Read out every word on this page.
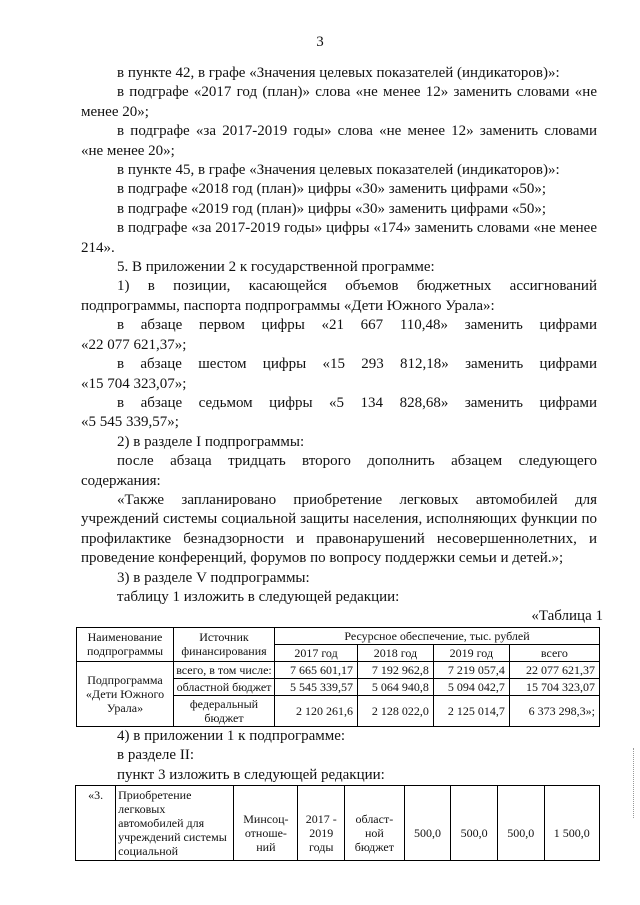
3

в пункте 42, в графе «Значения целевых показателей (индикаторов)»:

в подграфе «2017 год (план)» слова «не менее 12» заменить словами «не менее 20»;

в подграфе «за 2017-2019 годы» слова «не менее 12» заменить словами «не менее 20»;

в пункте 45, в графе «Значения целевых показателей (индикаторов)»:

в подграфе «2018 год (план)» цифры «30» заменить цифрами «50»;

в подграфе «2019 год (план)» цифры «30» заменить цифрами «50»;

в подграфе «за 2017-2019 годы» цифры «174» заменить словами «не менее 214».

5. В приложении 2 к государственной программе:

1) в позиции, касающейся объемов бюджетных ассигнований

подпрограммы, паспорта подпрограммы «Дети Южного Урала»:

в абзаце первом цифры «21 667 110,48» заменить цифрами

«22 077 621,37»;

в абзаце шестом цифры «15 293 812,18» заменить цифрами

«15 704 323,07»;

в абзаце седьмом цифры «5 134 828,68» заменить цифрами

«5 545 339,57»;

2) в разделе I подпрограммы:

после абзаца тридцать второго дополнить абзацем следующего

содержания:

«Также запланировано приобретение легковых автомобилей для учреждений системы социальной защиты населения, исполняющих функции по профилактике безнадзорности и правонарушений несовершеннолетних, и проведение конференций, форумов по вопросу поддержки семьи и детей.»;

3) в разделе V подпрограммы:

таблицу 1 изложить в следующей редакции:

«Таблица 1

Наименование подпрограммы	Источник финансирования	Ресурсное обеспечение, тыс. рублей			
		2017 год	2018 год	2019 год	всего
Подпрограмма «Дети Южного Урала»	всего, в том числе:	7 665 601,17	7 192 962,8	7 219 057,4	22 077 621,37
	областной бюджет	5 545 339,57	5 064 940,8	5 094 042,7	15 704 323,07
	федеральный бюджет	2 120 261,6	2 128 022,0	2 125 014,7	6 373 298,3»;

4) в приложении 1 к подпрограмме:

в разделе II:

пункт 3 изложить в следующей редакции:

«3.	Приобретение легковых автомобилей для учреждений системы социальной	Минсоц-отноше-ний	2017 - 2019 годы	област-ной бюджет	500,0	500,0	500,0	1 500,0
